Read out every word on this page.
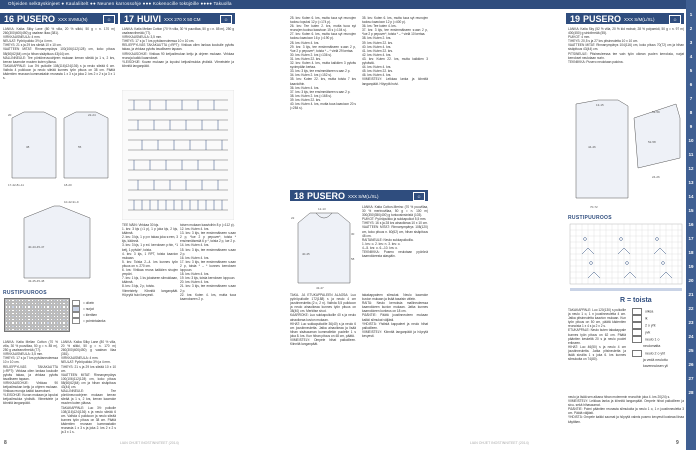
Ohjeiden selkäyskinjeet ● Kaulaliitelt ●● Neunen karrossohje ●●● Kokenocille toküjöille ●●●● Takuolla
1
2
3
4
5
6
7
8
9
10
11
12
13
14
15
16
17
18
19
20
21
22
23
24
25
26
27
28
16 PUSERO XXX SVMU(N)	☺	17 HUIVI XXX 270 X 50 CM	☺	19 PUSERO XXX S/M(L/XL)	☺
LANKA: Kaika Silky Lane (80 % villa, 20 % silkki, 50 g = n. 170 m) 260(300)400(450) g vaalean lilaa (381).
VIRKKAUSNEULA: 4 mm.
NEULAT: Pyöröpuikko 3½ ja 4 mm.
TIHEYS: 21 s ja 29 krs sileää 10 x 10 cm.
VAATTEEN MITAT: Rinnanympärys 100(106)112(128) cm, koko pituus 58(60)62(64) cm ja hihan sisäpituus 43(44) cm.
MALLINNEULE: Tee pöntöneuvoohjeen mukaan kerran sileää ja 1 s, 2 krs, kerran kaarroke muuten kuten yläosa.
TAKAKAPPALE: Luo 3½ puikolle 108(116)124(136) s ja neulo sileää 6 cm. Vaihda 4 puikkoon ja neulo sileää kunnes työn pituus on 38 cm. Päätä kädentien reunaan kummastakin reunasta 1 x 3 s ja joka 2. krs 2 x 2 s ja 3 x 1 s.
38	55
20	22-24
18-20
17-42-8x-11
10-42-9x-9
40-43-45-47
43-45-45-48
RUSTIPUUROOS
= oikein
= nurjat
= kiertäen
= poimintalanka
LANKA: Katia Melian Cotton (70 % villa, 30 % puuvillaa, 50 g = n. 85 m), 250 g vaaleanvihreää (77).
VIRKKAUSNEULA: 3,5 mm.
TIHEYS: 17 s ja 7 krs pylväsneuleessa 10 x 10 cm.
RELIEFPYLVÄS TAKAKAUTTA (=RPT): Virkkaa ollen lankaa koukulle pylväs takaa, ja virkkaa pylväs tavalliseen tapaan.
VIRKKAUSOHJE: Virkkaa 90 ketjusilmukan ketju ja ohjeen mukaan. Virkkaa reunoja kaikki kaarrokset.
YLEISOHJE: Kuvan mukaan ja lopuksi ketjusilmukka yhdistä. Viimeistele ja kiinnitä langanpäät.
LANKA: Kaika Silky Lane (80 % villa, 20 % silkki, 50 g = n. 170 m) 260(300)400(450) g vaalean lilaa (381).
VIRKKAUSNEULA: 4 mm.
NEULAT: Pyöröpuikko 3½ ja 4 mm.
TIHEYS: 21 s ja 29 krs sileää 10 x 10 cm.
VAATTEEN MITAT: Rinnanympärys 100(106)112(128) cm, koko pituus 58(60)62(64) cm ja hihan sisäpituus 43(44) cm.
MALLINNEULE: Tee pöntöneuvoohjeen mukaan kerran sileää ja 1 s, 2 krs, kerran kaarroke muuten kuten yläosa.
TAKAKAPPALE: Luo 3½ puikolle 108(116)124(136) s ja neulo sileää 6 cm. Vaihda 4 puikkoon ja neulo sileää kunnes työn pituus on 38 cm. Päätä kädentien reunaan kummastakin reunasta 1 x 3 s ja joka 2. krs 2 x 2 s ja 3 x 1 s.
LANKA: Katia Melian Cotton (70 % villa, 30 % puuvillaa, 50 g = n. 85 m), 250 g vaaleanvihreää (77).
VIRKKAUSNEULA: 3,5 mm.
TIHEYS: 17 s ja 7 krs pylväsneuleessa 10 x 10 cm.
RELIEFPYLVÄS TAKAKAUTTA (=RPT): Virkkaa ollen lankaa koukulle pylväs takaa, ja virkkaa pylväs tavalliseen tapaan.
VIRKKAUSOHJE: Virkkaa 90 ketjusilmukan ketju ja ohjeen mukaan. Virkkaa reunoja kaikki kaarrokset.
YLEISOHJE: Kuvan mukaan ja lopuksi ketjusilmukka yhdistä. Viimeistele ja kiinnitä langanpäät.
TEE NÄIN: Virkkaa 30 kjs.
1. krs: 3 kjs (=1 p), 1 p joka kjs, 2 kjs, käännä.
2. krs: 3 kjs, 1 p p:n takaa joka s:een, 3 kjs, käännä.
3. krs: 3 kjs, 1 p ed. kerroksen p:hin, *1 ketj, 1 pylväs*, toista.
4. krs: 3 kjs, 1 RPT, toista kaavion mukaan.
5. krs: Toista 2.–4. krs kunnes työn pituus on n. 270 cm.
6. krs: Virkkaa reuna kaikkien sivujen ympäri.
7. krs: 1 kjs, 1 ks jokaiseen silmukkaan, käännä.
8. krs: 3 kjs, 2 p, toista.
Viimeistely: Kiinnitä langanpäät. Höyrytä huivi kevyesti.
toisen mukaan kaavioihin 8 p (=112 p).
12. krs: Kuten 4. krs.
13. krs: 3 kjs, tee ensimmäiseen s:aan 2 p, *lue 2 p pepuver*, toista * ensimmäisestä 6 p *, toista 2 p, lue 2 p.
14. krs: Kuten 4. krs.
15. krs: 3 kjs, tee ensimmäiseen s:aan 2 p.
16. krs: Kuten 4. krs.
17. krs: 3 kjs, tee ensimmäiseen s:aan 2 p, toista * – * kunnes kerroksen loppuun.
18. krs: Kuten 4. krs.
19. krs: 3 kjs, toista kerroksen loppuun.
20. krs: Kuten 4. krs.
21. krs: 3 kjs, tee ensimmäiseen s:aan 2 p.
22. krs: Kuten 4. krs, mutta tuoa kaarrokseen 2 p.
25. krs: Kuten 6. krs, mutta tuoa syt reunojen tuoksu lopuksi 12 p (=174 p).
26. krs: Tee kuten 2. krs, mutta tuoa syt reunojen tuoksu kaavioon 15 s (=104 s).
27. krs: Kuten 6. krs, mutta tuoa syt reunojen tuoksu kaavioon 16 p (=190 p).
28. krs: Kuten 4. krs.
29. krs: 3 kjs, tee ensimmäiseen s:aan 2 p, *lue 2 p pepuver*, toista * – * vielä 29 kertaa.
30. krs: Kuten 2. krs (=136 s).
31. krs: Kuten 22. krs.
32. krs: Kuten 4. krs, mutta kaikkien 3 pylväs syvimpään kertaa.
33. krs: 3 kjs, tee ensimmäiseen s:aan 2 p.
34. krs: Kuten 2. krs (=152 s).
35. krs: Kuten 22. krs, mutta toista 7 krs kaavioihin.
36. krs: Kuten 4. krs.
37. krs: 3 kjs, tee ensimmäiseen s:aan 2 p.
38. krs: Kuten 2. krs (=168 s).
39. krs: Kuten 22. krs.
40. krs: Kuten 4. krs, mutta tuoa kaavioon 20 s (=284 s).
35. krs: Kuten 6. krs, mutta tuoa syt reunojen tuoksu kaavioon 12 p (=400 p).
36. krs: Tee kuten 4. krs.
37. krs: 3 kjs, tee ensimmäiseen s:aan 2 p, *lue 2 p pepuver*, toista * – * vielä 10 kertaa.
38. krs: Kuten 2. krs.
39. krs: Kuten 22. krs.
40. krs: Kuten 4. krs.
41. krs: Kuten 22. krs.
42. krs: Kuten 4. krs.
43. krs: Kuten 22. krs, mutta kaikkien 3 pylvästä.
44. krs: Kuten 4. krs.
45. krs: Kuten 22. krs.
46. krs: Kuten 4. krs.
VIIMEISTELY: Leikkaa lanka ja kiinnitä langanpäät. Höyrytä huivi.
18 PUSERO XXX S/M(L/XL)	☺
LANKA: Katia Cotton-Merino (70 % puuvillaa, 30 % merinovillaa, 50 g = n. 100 m) 300(350)350(400) g turkoosinsinistä (103).
PUIKOT: Pyöröpuikko ja sukkapuikot 5,5 mm.
TIHEYS: 16 s ja 28 krs ainaoikeaa 10 x 10 cm.
VAATTEEN MITAT: Rinnanympärys 108(120) cm, koko pituus n. 60(62) cm, hihan sisäpituus 48 cm.
RAITANEULE: Neulo sukkapuikoilla.
1. krs: o. 2. krs: n. 3. krs: o.
4.–5. krs: o. 6.–10. krs: o.
TEKNIIKKA: Pusero neulotaan pyörönä kaarrokkeesta alaspäin.
12-13
43-47
22
30
58
40-45
TAKA- JA ETUKAPPALEEN ALAOSA: Luo pyöröpuikolle 172(188) s ja neulo 4 cm joustinneuletta (2 o, 2 n). Vaihda 5,5 puikkoon ja neulo ainaoikeaa kunnes työn pituus on 38(40) cm. Merkitse sivut.
KAARROKE: Luo sukkapuikoille 40 s ja neulo ainaoikeaa kuvion mukaan.
HIHAT: Luo sukkapuikoille 36(40) s ja neulo 6 cm joustinneuletta. Jatka ainaoikeaa ja lisää hihan sisäsauman kummallekin puolelle 1 s joka 8. krs. Kun hihan pituus on 48 cm, päätä.
VIIMEISTELY: Ompele hihat paikoilleen. Kiinnitä langanpäät.
takakappaleen silmukat. Neulo kaarroke kuvion mukaan ja lisää tasaisin välein.
RAITA: Neulo kerroksia mallineuleessa kaarrokkeen kuvion mukaan. Jatka kunnes kaarrokkeen korkeus on 18 cm.
PÄÄNTIE: Päätä joustinneuleen mukaan kaikki silmukat väljästi.
YHDISTÄ: Yhdistä kappaleet ja neulo hihat paikoilleen.
VIIMEISTELY: Kiinnitä langanpäät ja höyrytä kevyesti.
LANKA: Katia Sky (52 % villa, 20 % kid mohair, 28 % polyamidi, 50 g = n. 97 m) 400(450) g sinivihreää (55).
PUIKOT: 4 mm.
TIHEYS: 20,5 s ja 27 krs pitsineuletta 10 x 10 cm.
VAATTEEN MITAT: Rinnanympärys 104(116) cm, koko pituus 70(72) cm ja hihan sisäpituus 43(44) cm.
PITSINEULE: Pitsineuleessa tee vain työn oikean puolen kerroksia, nurjat kerrokset neulotaan nurin.
TEKNIIKKA: Pusero neulotaan paloina.
70-72
44-46
52-58
24-26
13-15
53-59
RUSTIPUUROOS
R = toista
TAKAKAPPALE: Luo 120(130) s puikoille ja neulo 1 o, 1 n joustinneuletta 4 cm. Jatka pitsineuletta kaavion mukaan. Kun työn pituus on 50 cm, päätä kädentien reunoista 1 x 4 s ja 2 x 2 s.
ETUKAPPALE: Neulo kuten takakappale kunnes työn pituus on 62 cm. Päätä pääntien keskeltä 20 s ja neulo puolet erikseen.
HIHAT: Luo 46(50) s ja neulo 4 cm joustinneuletta. Jatka pitsineuletta ja lisää sivuilta 1 s joka 6. krs kunnes silmukoita on 74(80).
oikea
ik
2 o yht
yvk
neulo 1 o
neulomatta
neulo 2 o yht
ja vedä neulottu
kavennuksen yli
neulo ja lisää sen aikana hihan molemmin reunoihin joka 4. krs 20(24) s.
VIIMEISTELY: Leikkaa lanka ja kiinnitä langanpäät. Ompele hihat paikoilleen ja sivu- sekä hihasaumat.
PÄÄNTIE: Poimi pääntien reunasta silmukoita ja neulo 1 o, 1 n joustinneuletta 3 cm. Päätä väljästi.
YHDISTÄ: Ompele kaikki saumat ja höyrytä valmis pusero kevyesti kosteaa liinaa käyttäen.
8	LIAN OHJET INOSTINNITEET (2014)	LIAN OHJET INOSTINNITEET (2014)	9
